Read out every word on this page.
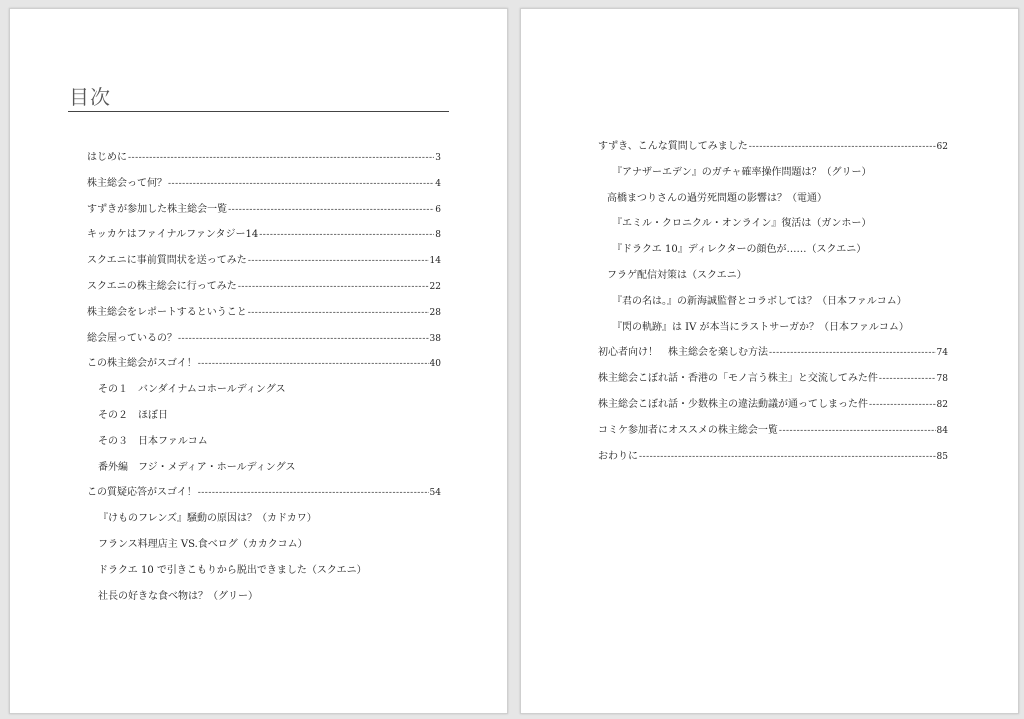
目次
はじめに -----	3
株主総会って何？ -----	4
すずきが参加した株主総会一覧 -----	6
キッカケはファイナルファンタジー14 -----	8
スクエニに事前質問状を送ってみた -----	14
スクエニの株主総会に行ってみた -----	22
株主総会をレポートするということ -----	28
総会屋っているの？ -----	38
この株主総会がスゴイ！ -----	40
その１　バンダイナムコホールディングス
その２　ほぼ日
その３　日本ファルコム
番外編　フジ・メディア・ホールディングス
この質疑応答がスゴイ！ -----	54
『けものフレンズ』騒動の原因は？（カドカワ）
フランス料理店主 VS.食べログ（カカクコム）
ドラクエ 10 で引きこもりから脱出できました（スクエニ）
社長の好きな食べ物は？（グリー）
すずき、こんな質問してみました -----	62
『アナザーエデン』のガチャ確率操作問題は？（グリー）
高橋まつりさんの過労死問題の影響は？（電通）
『エミル・クロニクル・オンライン』復活は（ガンホー）
『ドラクエ 10』ディレクターの顔色が……（スクエニ）
フラゲ配信対策は（スクエニ）
『君の名は。』の新海誠監督とコラボしては？（日本ファルコム）
『閃の軌跡』は IV が本当にラストサーガか？（日本ファルコム）
初心者向け！　株主総会を楽しむ方法 -----	74
株主総会こぼれ話・香港の「モノ言う株主」と交流してみた件 -----	78
株主総会こぼれ話・少数株主の違法動議が通ってしまった件 -----	82
コミケ参加者にオススメの株主総会一覧 -----	84
おわりに -----	85
